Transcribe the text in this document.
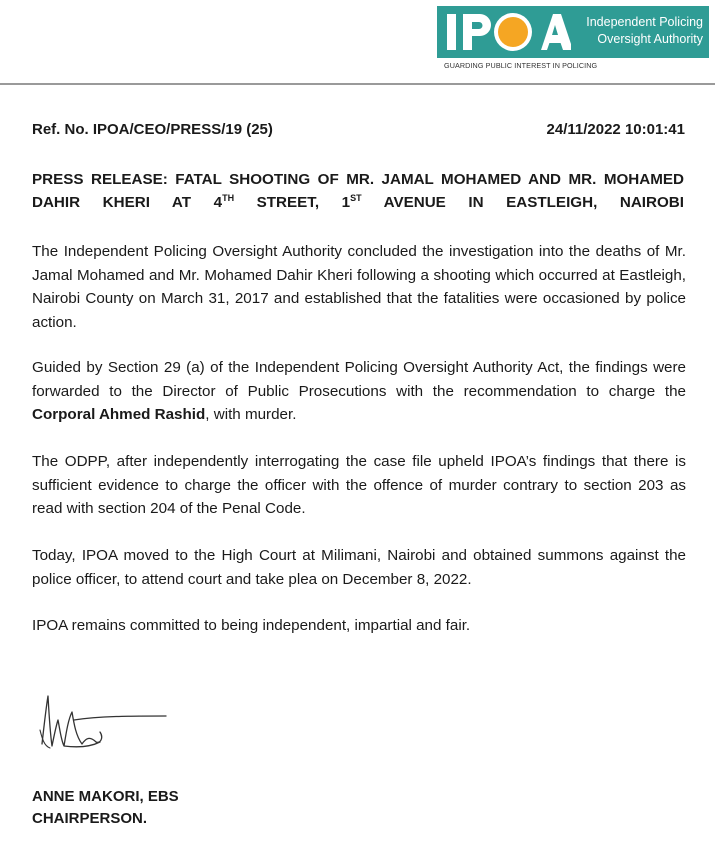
Independent Policing
Oversight Authority
GUARDING PUBLIC INTEREST IN POLICING
Ref. No. IPOA/CEO/PRESS/19 (25)	24/11/2022 10:01:41
PRESS RELEASE: FATAL SHOOTING OF MR. JAMAL MOHAMED AND MR. MOHAMED DAHIR KHERI AT 4TH STREET, 1ST AVENUE IN EASTLEIGH, NAIROBI

The Independent Policing Oversight Authority concluded the investigation into the deaths of Mr. Jamal Mohamed and Mr. Mohamed Dahir Kheri following a shooting which occurred at Eastleigh, Nairobi County on March 31, 2017 and established that the fatalities were occasioned by police action.

Guided by Section 29 (a) of the Independent Policing Oversight Authority Act, the findings were forwarded to the Director of Public Prosecutions with the recommendation to charge the Corporal Ahmed Rashid, with murder.

The ODPP, after independently interrogating the case file upheld IPOA’s findings that there is sufficient evidence to charge the officer with the offence of murder contrary to section 203 as read with section 204 of the Penal Code.

Today, IPOA moved to the High Court at Milimani, Nairobi and obtained summons against the police officer, to attend court and take plea on December 8, 2022.

IPOA remains committed to being independent, impartial and fair.

ANNE MAKORI, EBS
CHAIRPERSON.
